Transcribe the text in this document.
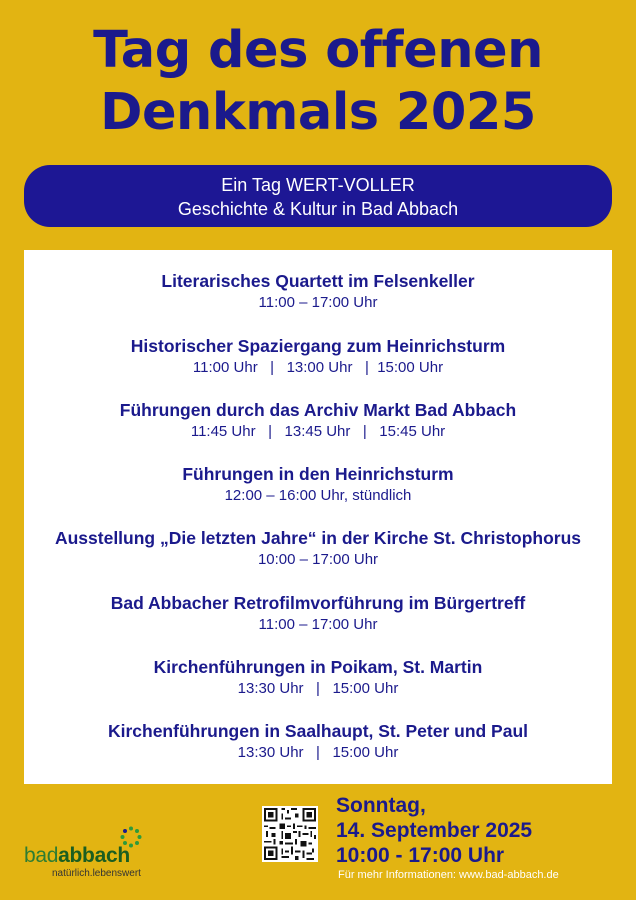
Tag des offenen
Denkmals 2025
Ein Tag WERT-VOLLER
Geschichte & Kultur in Bad Abbach
Literarisches Quartett im Felsenkeller
11:00 – 17:00 Uhr
Historischer Spaziergang zum Heinrichsturm
11:00 Uhr   |   13:00 Uhr   |  15:00 Uhr
Führungen durch das Archiv Markt Bad Abbach
11:45 Uhr   |   13:45 Uhr   |   15:45 Uhr
Führungen in den Heinrichsturm
12:00 – 16:00 Uhr, stündlich
Ausstellung „Die letzten Jahre“ in der Kirche St. Christophorus
10:00 – 17:00 Uhr
Bad Abbacher Retrofilmvorführung im Bürgertreff
11:00 – 17:00 Uhr
Kirchenführungen in Poikam, St. Martin
13:30 Uhr   |   15:00 Uhr
Kirchenführungen in Saalhaupt, St. Peter und Paul
13:30 Uhr   |   15:00 Uhr
badabbach
natürlich.lebenswert
Sonntag,
14. September 2025
10:00 - 17:00 Uhr
Für mehr Informationen: www.bad-abbach.de
